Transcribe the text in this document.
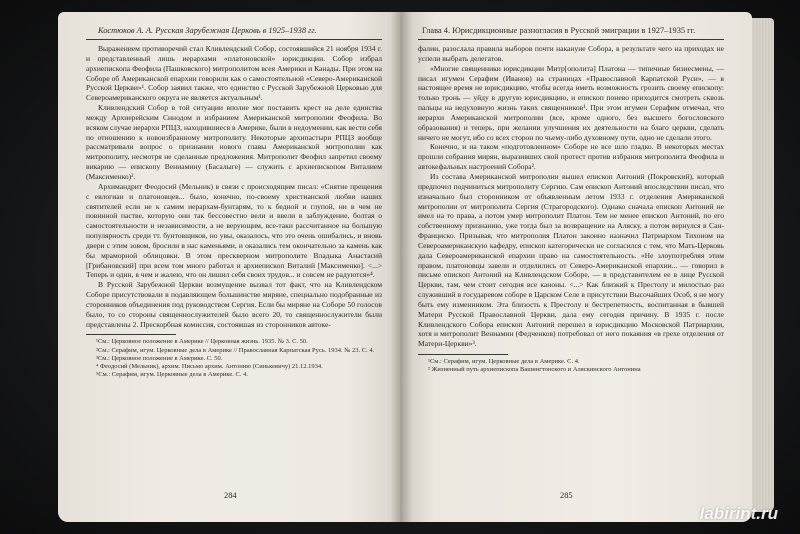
Костюков А. А. Русская Зарубежная Церковь в 1925–1938 гг.

Выражением противоречий стал Кливлендский Собор, состоявшийся 21 ноября 1934 г. и представленный лишь иерархами «платоновской» юрисдикции. Собор избрал архиепископа Феофила (Пашковского) митрополитом всея Америки и Канады. При этом на Соборе об Американской епархии говорили как о самостоятельной «Северо-Американской Русской Церкви»¹. Собор заявил также, что единство с Русской Зарубежной Церковью для Североамериканского округа не является актуальным¹.

Кливлендский Собор в той ситуации вполне мог поставить крест на деле единства между Архиерейским Синодом и избранием Американской митрополии Феофила. Во всяком случае иерархи РПЦЗ, находившиеся в Америке, были в недоумении, как вести себя по отношению к новоизбранному митрополиту. Некоторые архипастыри РПЦЗ вообще рассматривали вопрос о признании нового главы Американской митрополии как митрополиту, несмотря не сделанные предложения. Митрополит Феофил запретил своему викарию — епископу Вениамину (Басалыге) — служить с архиепископом Виталием (Максименко)².

Архимандрит Феодосий (Мельник) в связи с происходящим писал: «Снятие прещения с евлогиан и платоновцев... было, конечно, по-своему христианской любви наших святителей если не к самим иерархам-бунтарям, то к бедной и глупой, ни в чем не повинной пастве, которую они так бессовестно вели и ввели в заблуждение, болтая о самостоятельности и независимости, а не верующим, все-таки рассчитанное на большую популярность среди тт. бунтовщиков, но увы, оказалось, что это очень ошибались, и вновь двери с этим зовом, бросили в нас каменьями, и оказались тем окончательно за камень как бы мраморной облицовки. В этом прескверном митрополите Владыка Анастасий [Грибановский] при всем том много работал и архиепископ Виталий [Максименко]. <...> Теперь и один, в чем и жалею, что он лишил себя своих трудов... и совсем не радуются»⁴.

В Русской Зарубежной Церкви возмущение вызвал тот факт, что на Кливлендском Соборе присутствовали в подавляющем большинстве миряне, специально подобранные из сторонников объединения под руководством Сергия. Если бы миряне на Соборе 50 голосов было, то со стороны священнослужителей было всего 20, то священнослужители были представлены 2. Прескорбная комиссия, состоявшая из сторонников автоке-

¹См.: Церковное положение в Америке // Церковная жизнь. 1935. № 3. С. 50.

²См.: Серафим, игум. Церковные дела в Америке // Православная Карпатская Русь. 1934. № 23. С. 4.

³См.: Церковное положение в Америке. С. 50.

⁴ Феодосий (Мельник), архим. Письмо архим. Антонию (Синькевичу) 21.12.1934.

⁵См.: Серафим, игум. Церковные дела в Америке. С. 4.

284
Глава 4. Юрисдикционные разногласия в Русской эмиграции в 1927–1935 гг.

фалии, разослала правила выборов почти накануне Собора, в результате чего на приходах не успели выбрать делегатов.

«Многие священники юрисдикции Митр[ополита] Платона — типичные бизнесмены, — писал игумен Серафим (Иванов) на страницах «Православной Карпатской Руси», — в настоящее время не юрисдикцию, чтобы всегда иметь возможность грозить своему епископу: только тронь — уйду в другую юрисдикцию, и епископ понево приходится смотреть сквозь пальцы на недуховную жизнь таких священников¹. При этом игумен Серафим отмечал, что иерархи Американской митрополии (все, кроме одного, без высшего богословского образования) и теперь, при желании улучшения их деятельности на благо церкви, сделать ничего не могут, ибо со всех сторон по чьему-либо духовному пути, одно не сделали этого.

Конечно, и на таком «подготовленном» Соборе не все шло гладко. В некоторых местах прошли собрания мирян, выразивших свой протест против избрания митрополита Феофила и автокефальных настроений Собора².

Из состава Американской митрополии вышел епископ Антоний (Покровский), который предпочел подчиниться митрополиту Сергию. Сам епископ Антоний впоследствии писал, что изначально был сторонником от объявленным летом 1933 г. отделения Американской митрополии от митрополита Сергия (Страгородского). Однако сначала епископ Антоний не имел на то права, а потом умер митрополит Платон. Тем не менее епископ Антоний, по его собственному признанию, уже тогда был за возвращение на Аляску, а потом вернулся в Сан-Франциско. Призывая, что митрополия Платон законно назначил Патриархом Тихоном на Североамериканскую кафедру, епископ категорически не согласился с тем, что Мать-Церковь дала Североамериканской епархии право на самостоятельность. «Не злоупотребляя этим правом, платоновцы завели и отделились от Северо-Американской епархии... — говорил в письме епископ Антоний на Кливлендском Соборе, — в представителем ее в лице Русской Церкви, там, чем стоит сегодня все каноны. <...> Как близкий к Престолу и милостью раз служивший в государевом соборе в Царском Селе в присутствии Высочайших Особ, я не могу быть ему изменником. Эта близость к Престолу и бестрепетность, воспитанная в бывшей Матери Русской Православной Церкви, дала ему сегодня причину. В 1935 г. после Кливлендского Собора епископ Антоний перешел в юрисдикцию Московской Патриархии, хотя и митрополит Вениамин (Федченков) потребовал от него покаяния «в грехе отделения от Матери-Церкви»³.

¹См.: Серафим, игум. Церковные дела в Америке. С. 4.

² Жизненный путь архиепископа Вашингтонского и Аляскинского Антонина

285
labirint.ru
